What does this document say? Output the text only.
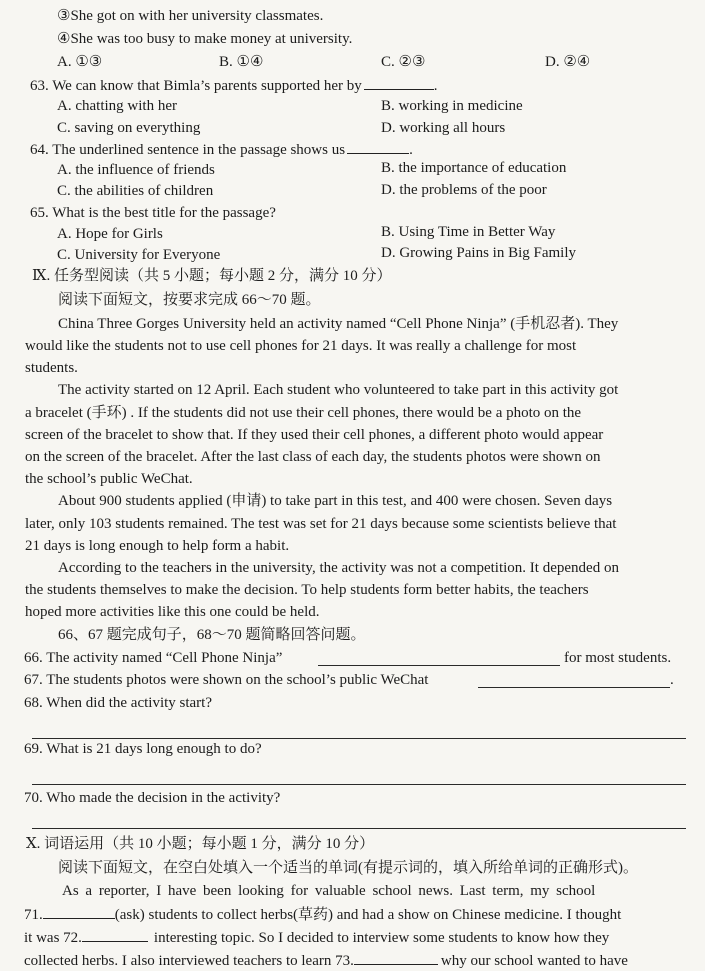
③She got on with her university classmates.
④She was too busy to make money at university.
A. ①③	B. ①④	C. ②③	D. ②④
63. We can know that Bimla’s parents supported her by	.
A. chatting with her	B. working in medicine
C. saving on everything	D. working all hours
64. The underlined sentence in the passage shows us	.
A. the influence of friends	B. the importance of education
C. the abilities of children	D. the problems of the poor
65. What is the best title for the passage?
A. Hope for Girls	B. Using Time in Better Way
C. University for Everyone	D. Growing Pains in Big Family
Ⅸ. 任务型阅读（共 5 小题；每小题 2 分，满分 10 分）
阅读下面短文，按要求完成 66～70 题。
China Three Gorges University held an activity named “Cell Phone Ninja” (手机忍者). They
would like the students not to use cell phones for 21 days. It was really a challenge for most
students.
The activity started on 12 April. Each student who volunteered to take part in this activity got
a bracelet (手环) . If the students did not use their cell phones, there would be a photo on the
screen of the bracelet to show that. If they used their cell phones, a different photo would appear
on the screen of the bracelet. After the last class of each day, the students photos were shown on
the school’s public WeChat.
About 900 students applied (申请) to take part in this test, and 400 were chosen. Seven days
later, only 103 students remained. The test was set for 21 days because some scientists believe that
21 days is long enough to help form a habit.
According to the teachers in the university, the activity was not a competition. It depended on
the students themselves to make the decision. To help students form better habits, the teachers
hoped more activities like this one could be held.
66、67 题完成句子，68～70 题简略回答问题。
66. The activity named “Cell Phone Ninja”	for most students.
67. The students photos were shown on the school’s public WeChat	.
68. When did the activity start?
69. What is 21 days long enough to do?
70. Who made the decision in the activity?
Ⅹ. 词语运用（共 10 小题；每小题 1 分，满分 10 分）
阅读下面短文，在空白处填入一个适当的单词(有提示词的，填入所给单词的正确形式)。
As a reporter, I have been looking for valuable school news. Last term, my school
71.	(ask) students to collect herbs(草药) and had a show on Chinese medicine. I thought
it was 72.	interesting topic. So I decided to interview some students to know how they
collected herbs. I also interviewed teachers to learn 73.	why our school wanted to have
